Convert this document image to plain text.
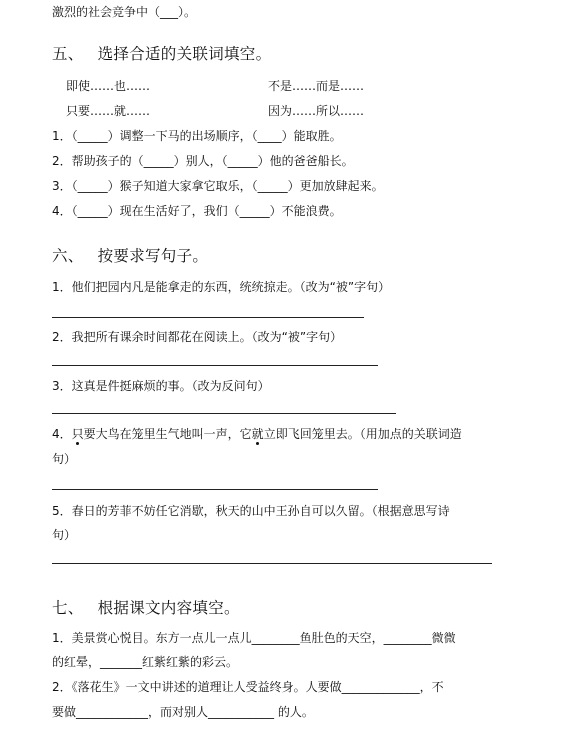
激烈的社会竞争中（___）。
五、 选择合适的关联词填空。
即使……也……	不是……而是……
只要……就……	因为……所以……
1．（_____）调整一下马的出场顺序，（____）能取胜。
2．帮助孩子的（_____）别人，（_____）他的爸爸船长。
3．（_____）猴子知道大家拿它取乐，（_____）更加放肆起来。
4．（_____）现在生活好了，我们（_____）不能浪费。
六、 按要求写句子。
1．他们把园内凡是能拿走的东西，统统掠走。（改为“被”字句）
2．我把所有课余时间都花在阅读上。（改为“被”字句）
3．这真是件挺麻烦的事。（改为反问句）
4．只要大鸟在笼里生气地叫一声，它就立即飞回笼里去。（用加点的关联词造
句）
5．春日的芳菲不妨任它消歇，秋天的山中王孙自可以久留。（根据意思写诗
句）
七、 根据课文内容填空。
1．美景赏心悦目。东方一点儿一点儿________鱼肚色的天空，________微微
的红晕，_______红紫红紫的彩云。
2．《落花生》一文中讲述的道理让人受益终身。人要做_____________，不
要做____________，而对别人___________ 的人。
